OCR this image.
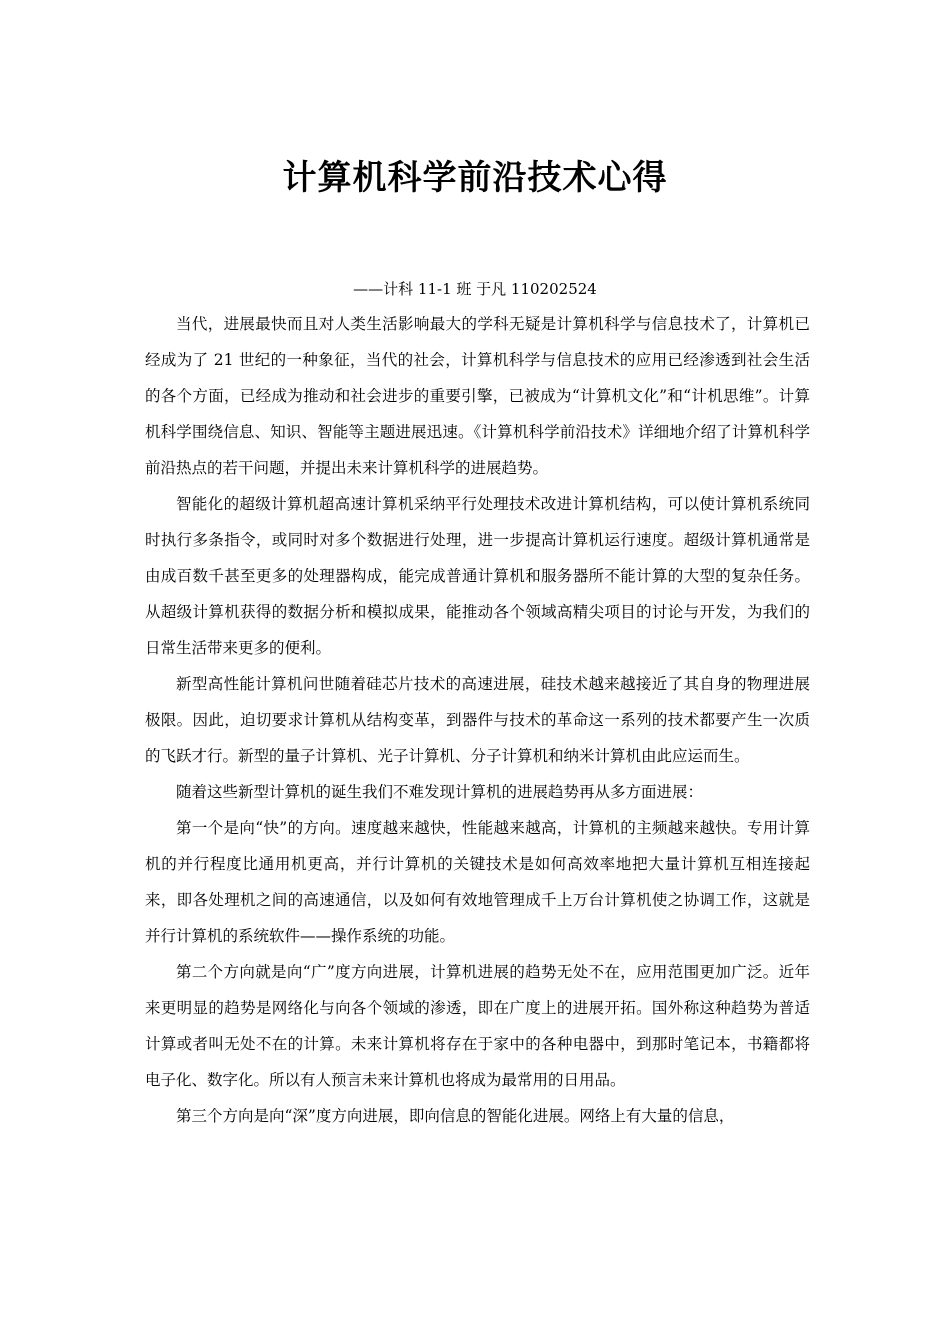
计算机科学前沿技术心得

——计科 11-1 班 于凡 110202524

当代，进展最快而且对人类生活影响最大的学科无疑是计算机科学与信息技术了，计算机已经成为了 21 世纪的一种象征，当代的社会，计算机科学与信息技术的应用已经渗透到社会生活的各个方面，已经成为推动和社会进步的重要引擎，已被成为“计算机文化”和“计机思维”。计算机科学围绕信息、知识、智能等主题进展迅速。《计算机科学前沿技术》详细地介绍了计算机科学前沿热点的若干问题，并提出未来计算机科学的进展趋势。

智能化的超级计算机超高速计算机采纳平行处理技术改进计算机结构，可以使计算机系统同时执行多条指令，或同时对多个数据进行处理，进一步提高计算机运行速度。超级计算机通常是由成百数千甚至更多的处理器构成，能完成普通计算机和服务器所不能计算的大型的复杂任务。从超级计算机获得的数据分析和模拟成果，能推动各个领域高精尖项目的讨论与开发，为我们的日常生活带来更多的便利。

新型高性能计算机问世随着硅芯片技术的高速进展，硅技术越来越接近了其自身的物理进展极限。因此，迫切要求计算机从结构变革，到器件与技术的革命这一系列的技术都要产生一次质的飞跃才行。新型的量子计算机、光子计算机、分子计算机和纳米计算机由此应运而生。

随着这些新型计算机的诞生我们不难发现计算机的进展趋势再从多方面进展：

第一个是向“快”的方向。速度越来越快，性能越来越高，计算机的主频越来越快。专用计算机的并行程度比通用机更高，并行计算机的关键技术是如何高效率地把大量计算机互相连接起来，即各处理机之间的高速通信，以及如何有效地管理成千上万台计算机使之协调工作，这就是并行计算机的系统软件——操作系统的功能。

第二个方向就是向“广”度方向进展，计算机进展的趋势无处不在，应用范围更加广泛。近年来更明显的趋势是网络化与向各个领域的渗透，即在广度上的进展开拓。国外称这种趋势为普适计算或者叫无处不在的计算。未来计算机将存在于家中的各种电器中，到那时笔记本，书籍都将电子化、数字化。所以有人预言未来计算机也将成为最常用的日用品。

第三个方向是向“深”度方向进展，即向信息的智能化进展。网络上有大量的信息，
